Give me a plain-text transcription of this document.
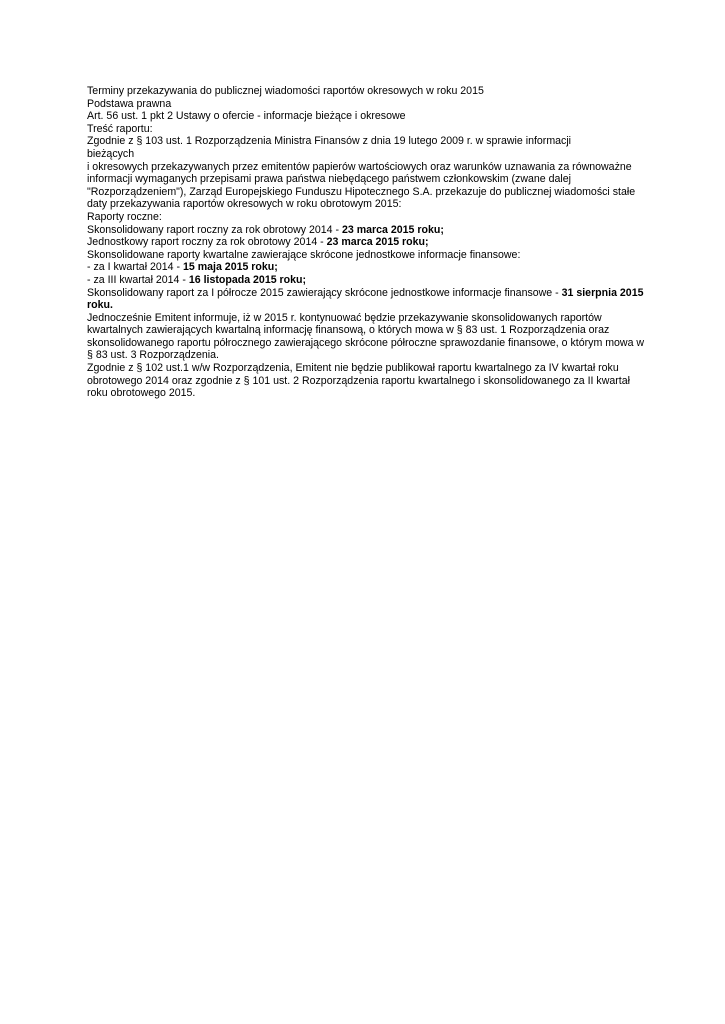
Terminy przekazywania do publicznej wiadomości raportów okresowych w roku 2015
Podstawa prawna
Art. 56 ust. 1 pkt 2 Ustawy o ofercie - informacje bieżące i okresowe
Treść raportu:
Zgodnie z § 103 ust. 1 Rozporządzenia Ministra Finansów z dnia 19 lutego 2009 r. w sprawie informacji
bieżących
i okresowych przekazywanych przez emitentów papierów wartościowych oraz warunków uznawania za równoważne informacji wymaganych przepisami prawa państwa niebędącego państwem członkowskim (zwane dalej "Rozporządzeniem"), Zarząd Europejskiego Funduszu Hipotecznego S.A. przekazuje do publicznej wiadomości stałe daty przekazywania raportów okresowych w roku obrotowym 2015:
Raporty roczne:
Skonsolidowany raport roczny za rok obrotowy 2014 - 23 marca 2015 roku;
Jednostkowy raport roczny za rok obrotowy 2014 - 23 marca 2015 roku;
Skonsolidowane raporty kwartalne zawierające skrócone jednostkowe informacje finansowe:
- za I kwartał 2014 - 15 maja 2015 roku;
- za III kwartał 2014 - 16 listopada 2015 roku;
Skonsolidowany raport za I półrocze 2015 zawierający skrócone jednostkowe informacje finansowe - 31 sierpnia 2015 roku.
Jednocześnie Emitent informuje, iż w 2015 r. kontynuować będzie przekazywanie skonsolidowanych raportów kwartalnych zawierających kwartalną informację finansową, o których mowa w § 83 ust. 1 Rozporządzenia oraz skonsolidowanego raportu półrocznego zawierającego skrócone półroczne sprawozdanie finansowe, o którym mowa w § 83 ust. 3 Rozporządzenia.
Zgodnie z § 102 ust.1 w/w Rozporządzenia, Emitent nie będzie publikował raportu kwartalnego za IV kwartał roku obrotowego 2014 oraz zgodnie z § 101 ust. 2 Rozporządzenia raportu kwartalnego i skonsolidowanego za II kwartał roku obrotowego 2015.
